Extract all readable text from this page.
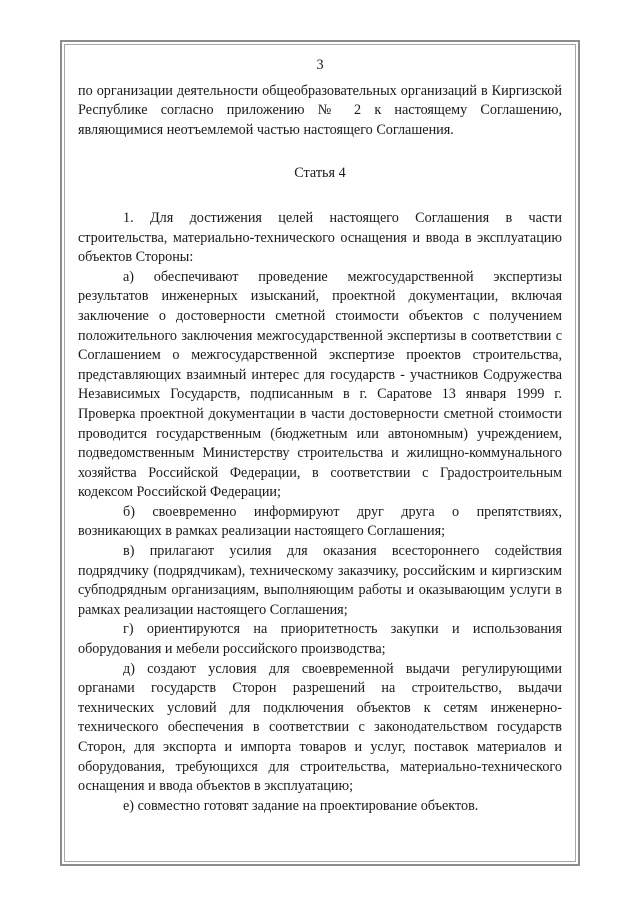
3

по организации деятельности общеобразовательных организаций в Киргизской Республике согласно приложению № 2 к настоящему Соглашению, являющимися неотъемлемой частью настоящего Соглашения.

Статья 4

1. Для достижения целей настоящего Соглашения в части строительства, материально-технического оснащения и ввода в эксплуатацию объектов Стороны:

а) обеспечивают проведение межгосударственной экспертизы результатов инженерных изысканий, проектной документации, включая заключение о достоверности сметной стоимости объектов с получением положительного заключения межгосударственной экспертизы в соответствии с Соглашением о межгосударственной экспертизе проектов строительства, представляющих взаимный интерес для государств - участников Содружества Независимых Государств, подписанным в г. Саратове 13 января 1999 г. Проверка проектной документации в части достоверности сметной стоимости проводится государственным (бюджетным или автономным) учреждением, подведомственным Министерству строительства и жилищно-коммунального хозяйства Российской Федерации, в соответствии с Градостроительным кодексом Российской Федерации;

б) своевременно информируют друг друга о препятствиях, возникающих в рамках реализации настоящего Соглашения;

в) прилагают усилия для оказания всестороннего содействия подрядчику (подрядчикам), техническому заказчику, российским и киргизским субподрядным организациям, выполняющим работы и оказывающим услуги в рамках реализации настоящего Соглашения;

г) ориентируются на приоритетность закупки и использования оборудования и мебели российского производства;

д) создают условия для своевременной выдачи регулирующими органами государств Сторон разрешений на строительство, выдачи технических условий для подключения объектов к сетям инженерно-технического обеспечения в соответствии с законодательством государств Сторон, для экспорта и импорта товаров и услуг, поставок материалов и оборудования, требующихся для строительства, материально-технического оснащения и ввода объектов в эксплуатацию;

е) совместно готовят задание на проектирование объектов.
